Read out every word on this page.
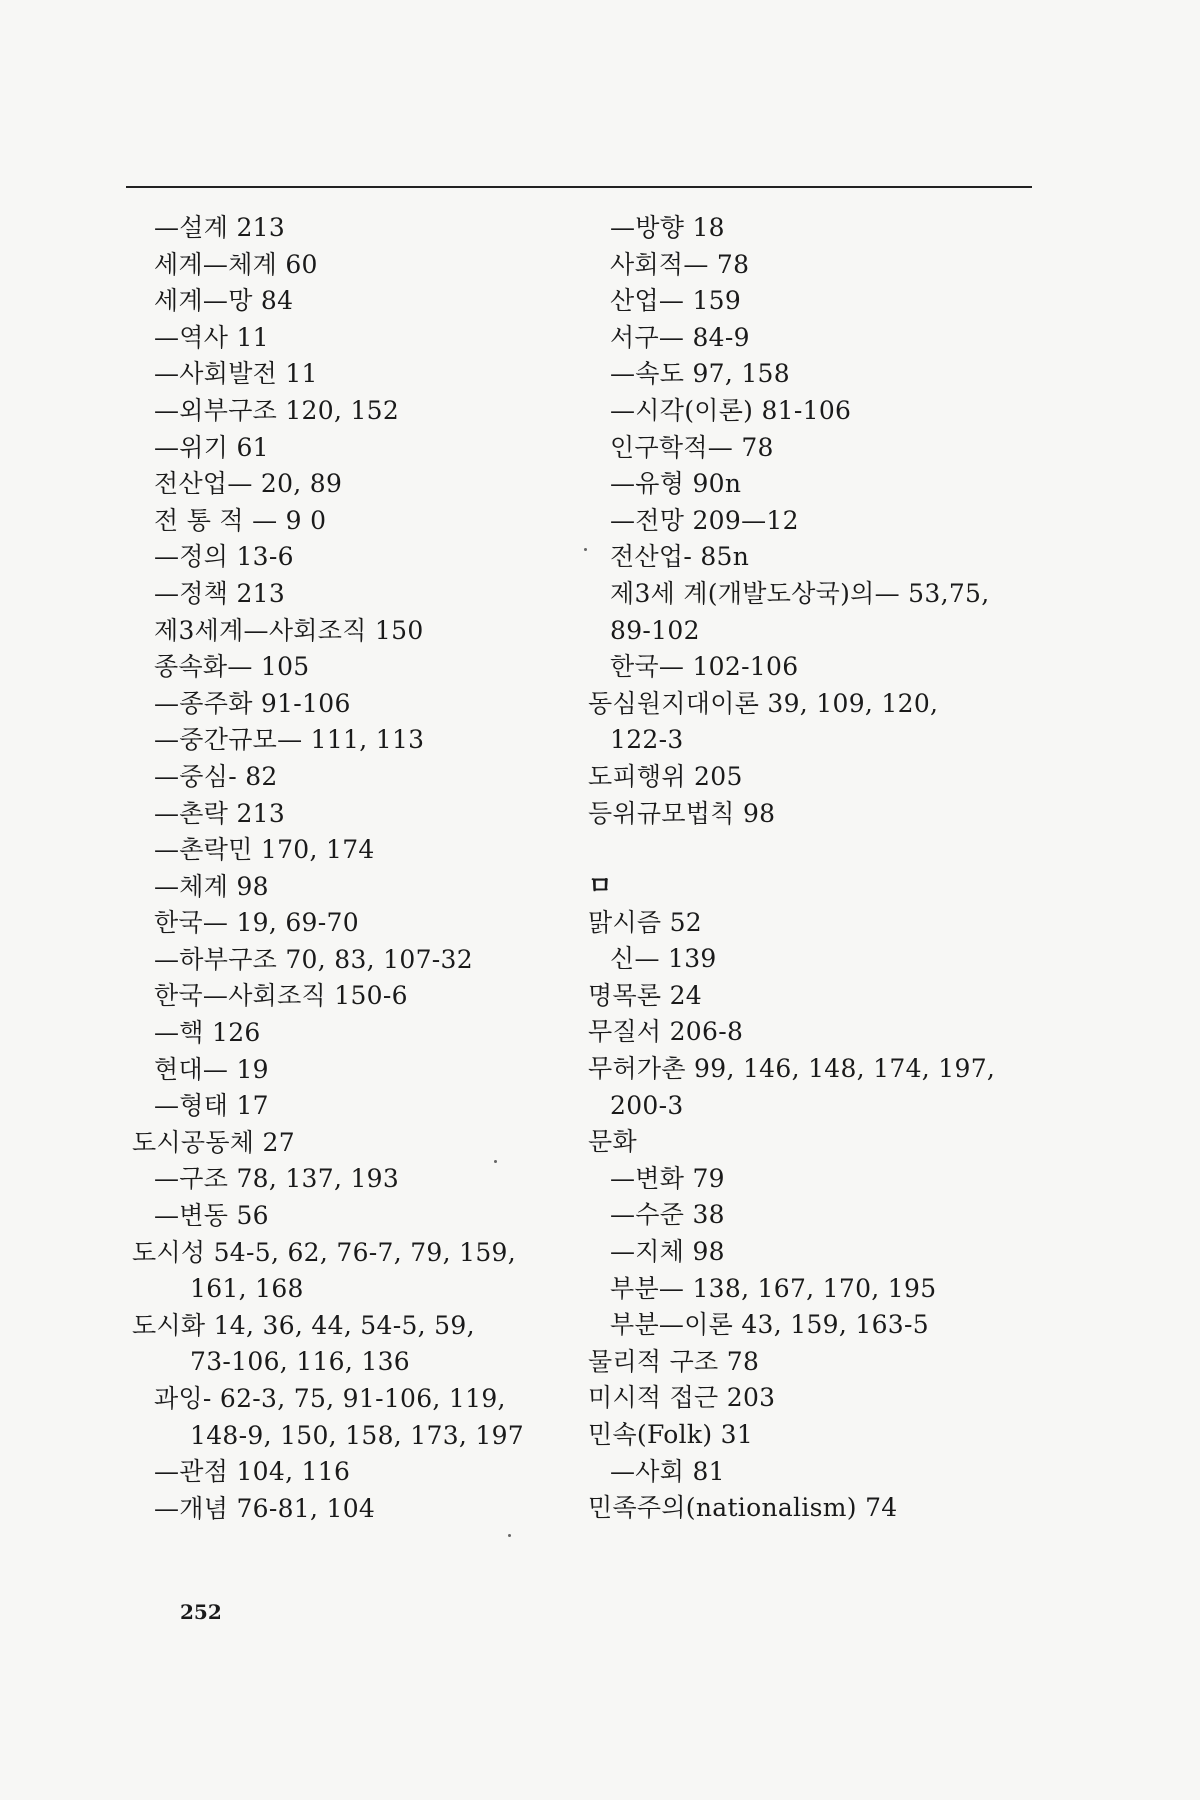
—설계 213
세계—체계 60
세계—망 84
—역사 11
—사회발전 11
—외부구조 120, 152
—위기 61
전산업— 20, 89
전 통 적 — 9 0
—정의 13-6
—정책 213
제3세계—사회조직 150
종속화— 105
—종주화 91-106
—중간규모— 111, 113
—중심- 82
—촌락 213
—촌락민 170, 174
—체계 98
한국— 19, 69-70
—하부구조 70, 83, 107-32
한국—사회조직 150-6
—핵 126
현대— 19
—형태 17
도시공동체 27
—구조 78, 137, 193
—변동 56
도시성 54-5, 62, 76-7, 79, 159,
161, 168
도시화 14, 36, 44, 54-5, 59,
73-106, 116, 136
과잉- 62-3, 75, 91-106, 119,
148-9, 150, 158, 173, 197
—관점 104, 116
—개념 76-81, 104
—방향 18
사회적— 78
산업— 159
서구— 84-9
—속도 97, 158
—시각(이론) 81-106
인구학적— 78
—유형 90n
—전망 209—12
전산업- 85n
제3세 계(개발도상국)의— 53,75,
89-102
한국— 102-106
동심원지대이론 39, 109, 120,
122-3
도피행위 205
등위규모법칙 98
ㅁ
맑시즘 52
신— 139
명목론 24
무질서 206-8
무허가촌 99, 146, 148, 174, 197,
200-3
문화
—변화 79
—수준 38
—지체 98
부분— 138, 167, 170, 195
부분—이론 43, 159, 163-5
물리적 구조 78
미시적 접근 203
민속(Folk) 31
—사회 81
민족주의(nationalism) 74
252
